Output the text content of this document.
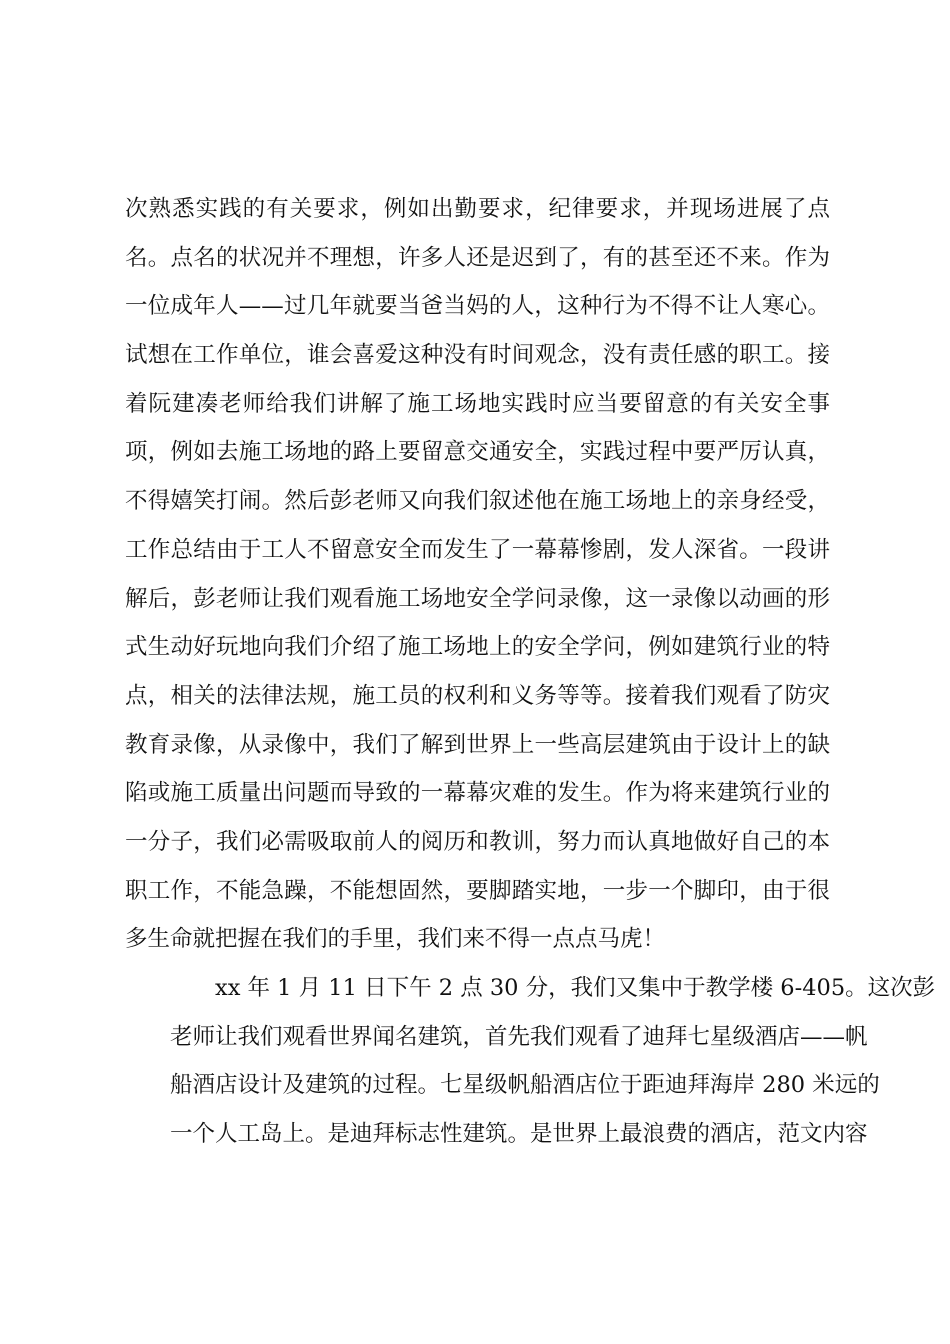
次熟悉实践的有关要求，例如出勤要求，纪律要求，并现场进展了点
名。点名的状况并不理想，许多人还是迟到了，有的甚至还不来。作为
一位成年人——过几年就要当爸当妈的人，这种行为不得不让人寒心。
试想在工作单位，谁会喜爱这种没有时间观念，没有责任感的职工。接
着阮建凑老师给我们讲解了施工场地实践时应当要留意的有关安全事
项，例如去施工场地的路上要留意交通安全，实践过程中要严厉认真，
不得嬉笑打闹。然后彭老师又向我们叙述他在施工场地上的亲身经受，
工作总结由于工人不留意安全而发生了一幕幕惨剧，发人深省。一段讲
解后，彭老师让我们观看施工场地安全学问录像，这一录像以动画的形
式生动好玩地向我们介绍了施工场地上的安全学问，例如建筑行业的特
点，相关的法律法规，施工员的权利和义务等等。接着我们观看了防灾
教育录像，从录像中，我们了解到世界上一些高层建筑由于设计上的缺
陷或施工质量出问题而导致的一幕幕灾难的发生。作为将来建筑行业的
一分子，我们必需吸取前人的阅历和教训，努力而认真地做好自己的本
职工作，不能急躁，不能想固然，要脚踏实地，一步一个脚印，由于很
多生命就把握在我们的手里，我们来不得一点点马虎！
xx 年 1 月 11 日下午 2 点 30 分，我们又集中于教学楼 6-405。这次彭
老师让我们观看世界闻名建筑，首先我们观看了迪拜七星级酒店——帆
船酒店设计及建筑的过程。七星级帆船酒店位于距迪拜海岸 280 米远的
一个人工岛上。是迪拜标志性建筑。是世界上最浪费的酒店，范文内容
